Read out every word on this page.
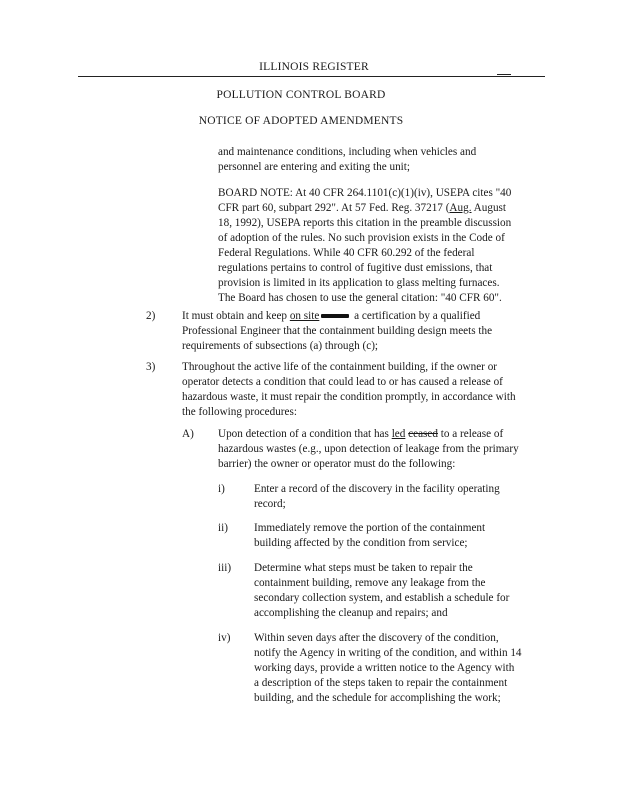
ILLINOIS REGISTER
POLLUTION CONTROL BOARD
NOTICE OF ADOPTED AMENDMENTS
and maintenance conditions, including when vehicles and
personnel are entering and exiting the unit;
BOARD NOTE: At 40 CFR 264.1101(c)(1)(iv), USEPA cites "40
CFR part 60, subpart 292". At 57 Fed. Reg. 37217 (Aug. August
18, 1992), USEPA reports this citation in the preamble discussion
of adoption of the rules. No such provision exists in the Code of
Federal Regulations. While 40 CFR 60.292 of the federal
regulations pertains to control of fugitive dust emissions, that
provision is limited in its application to glass melting furnaces.
The Board has chosen to use the general citation: "40 CFR 60".
2) It must obtain and keep on site	a certification by a qualified
Professional Engineer that the containment building design meets the
requirements of subsections (a) through (c);
3) Throughout the active life of the containment building, if the owner or
operator detects a condition that could lead to or has caused a release of
hazardous waste, it must repair the condition promptly, in accordance with
the following procedures:
A) Upon detection of a condition that has led ceased to a release of
hazardous wastes (e.g., upon detection of leakage from the primary
barrier) the owner or operator must do the following:
i)	Enter a record of the discovery in the facility operating
record;
ii) Immediately remove the portion of the containment
building affected by the condition from service;
iii) Determine what steps must be taken to repair the
containment building, remove any leakage from the
secondary collection system, and establish a schedule for
accomplishing the cleanup and repairs; and
iv) Within seven days after the discovery of the condition,
notify the Agency in writing of the condition, and within 14
working days, provide a written notice to the Agency with
a description of the steps taken to repair the containment
building, and the schedule for accomplishing the work;
